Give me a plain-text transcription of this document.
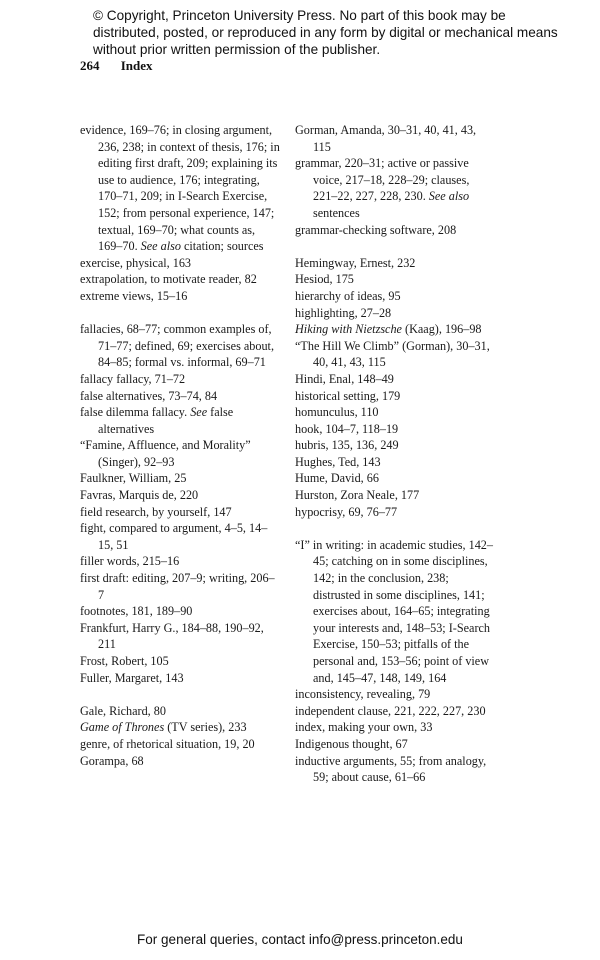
© Copyright, Princeton University Press. No part of this book may be distributed, posted, or reproduced in any form by digital or mechanical means without prior written permission of the publisher.
264 Index
evidence, 169–76; in closing argument, 236, 238; in context of thesis, 176; in editing first draft, 209; explaining its use to audience, 176; integrating, 170–71, 209; in I-Search Exercise, 152; from personal experience, 147; textual, 169–70; what counts as, 169–70. See also citation; sources
exercise, physical, 163
extrapolation, to motivate reader, 82
extreme views, 15–16
fallacies, 68–77; common examples of, 71–77; defined, 69; exercises about, 84–85; formal vs. informal, 69–71
fallacy fallacy, 71–72
false alternatives, 73–74, 84
false dilemma fallacy. See false alternatives
“Famine, Affluence, and Morality” (Singer), 92–93
Faulkner, William, 25
Favras, Marquis de, 220
field research, by yourself, 147
fight, compared to argument, 4–5, 14–15, 51
filler words, 215–16
first draft: editing, 207–9; writing, 206–7
footnotes, 181, 189–90
Frankfurt, Harry G., 184–88, 190–92, 211
Frost, Robert, 105
Fuller, Margaret, 143
Gale, Richard, 80
Game of Thrones (TV series), 233
genre, of rhetorical situation, 19, 20
Gorampa, 68
Gorman, Amanda, 30–31, 40, 41, 43, 115
grammar, 220–31; active or passive voice, 217–18, 228–29; clauses, 221–22, 227, 228, 230. See also sentences
grammar-checking software, 208
Hemingway, Ernest, 232
Hesiod, 175
hierarchy of ideas, 95
highlighting, 27–28
Hiking with Nietzsche (Kaag), 196–98
“The Hill We Climb” (Gorman), 30–31, 40, 41, 43, 115
Hindi, Enal, 148–49
historical setting, 179
homunculus, 110
hook, 104–7, 118–19
hubris, 135, 136, 249
Hughes, Ted, 143
Hume, David, 66
Hurston, Zora Neale, 177
hypocrisy, 69, 76–77
“I” in writing: in academic studies, 142–45; catching on in some disciplines, 142; in the conclusion, 238; distrusted in some disciplines, 141; exercises about, 164–65; integrating your interests and, 148–53; I-Search Exercise, 150–53; pitfalls of the personal and, 153–56; point of view and, 145–47, 148, 149, 164
inconsistency, revealing, 79
independent clause, 221, 222, 227, 230
index, making your own, 33
Indigenous thought, 67
inductive arguments, 55; from analogy, 59; about cause, 61–66
For general queries, contact info@press.princeton.edu
